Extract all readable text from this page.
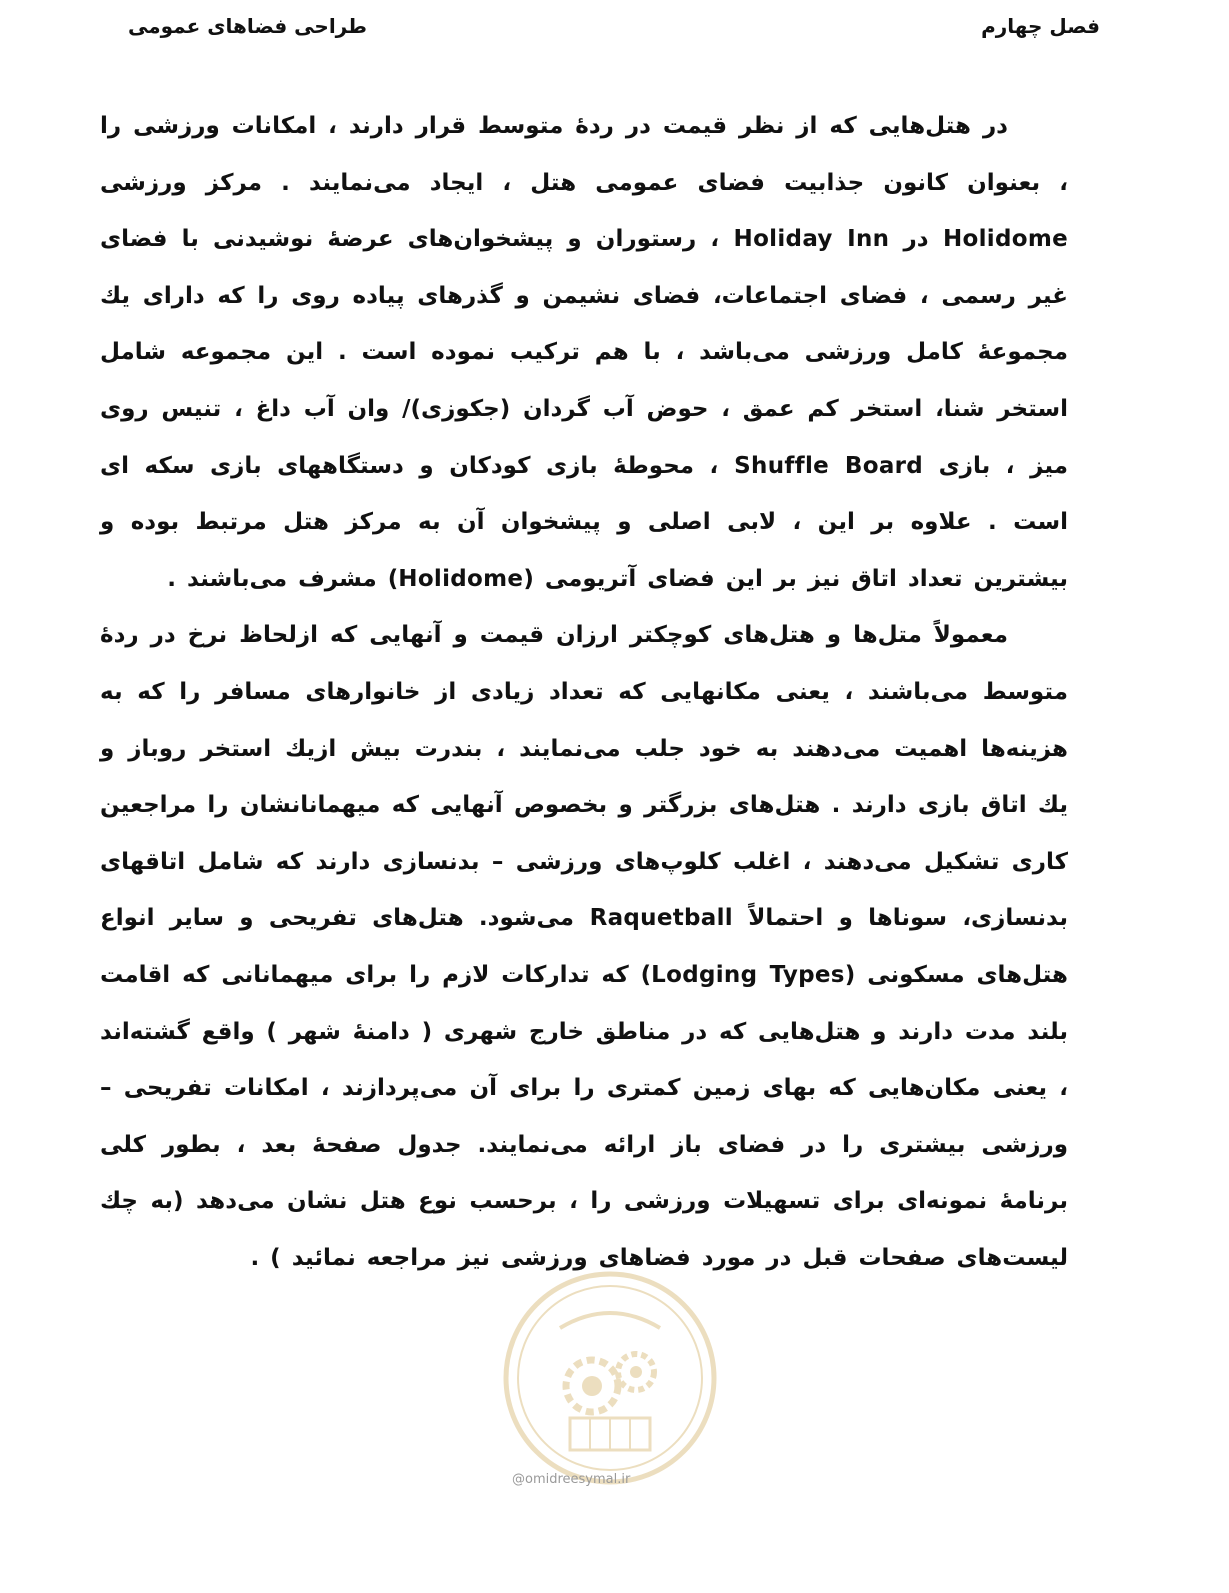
فصل چهارم
طراحی فضاهای عمومی

در هتل‌هایی که از نظر قیمت در ردهٔ متوسط قرار دارند ، امکانات ورزشی را ، بعنوان کانون جذابیت فضای عمومی هتل ، ایجاد می‌نمایند . مرکز ورزشی Holidome در Holiday Inn ، رستوران و پیشخوان‌های عرضهٔ نوشیدنی با فضای غیر رسمی ، فضای اجتماعات، فضای نشیمن و گذرهای پیاده روی را که دارای یك مجموعهٔ کامل ورزشی می‌باشد ، با هم ترکیب نموده است . این مجموعه شامل استخر شنا، استخر کم عمق ، حوض آب گردان (جکوزی)/ وان آب داغ ، تنیس روی میز ، بازی Shuffle Board ، محوطهٔ بازی کودکان و دستگاههای بازی سکه ای است . علاوه بر این ، لابی اصلی و پیشخوان آن به مرکز هتل مرتبط بوده و بیشترین تعداد اتاق نیز بر این فضای آتریومی (Holidome) مشرف می‌باشند .

معمولاً متل‌ها و هتل‌های کوچکتر ارزان قیمت و آنهایی که ازلحاظ نرخ در ردهٔ متوسط می‌باشند ، یعنی مکانهایی که تعداد زیادی از خانوارهای مسافر را که به هزینه‌ها اهمیت می‌دهند به خود جلب می‌نمایند ، بندرت بیش ازیك استخر روباز و یك اتاق بازی دارند . هتل‌های بزرگتر و بخصوص آنهایی که میهمانانشان را مراجعین کاری تشکیل می‌دهند ، اغلب کلوپ‌های ورزشی – بدنسازی دارند که شامل اتاقهای بدنسازی، سوناها و احتمالاً Raquetball می‌شود. هتل‌های تفریحی و سایر انواع هتل‌های مسکونی (Lodging Types) که تدارکات لازم را برای میهمانانی که اقامت بلند مدت دارند و هتل‌هایی که در مناطق خارج شهری ( دامنهٔ شهر ) واقع گشته‌اند ، یعنی مکان‌هایی که بهای زمین کمتری را برای آن می‌پردازند ، امکانات تفریحی – ورزشی بیشتری را در فضای باز ارائه می‌نمایند. جدول صفحهٔ بعد ، بطور کلی برنامهٔ نمونه‌ای برای تسهیلات ورزشی را ، برحسب نوع هتل نشان می‌دهد (به چك لیست‌های صفحات قبل در مورد فضاهای ورزشی نیز مراجعه نمائید ) .

@omidreesymal.ir
